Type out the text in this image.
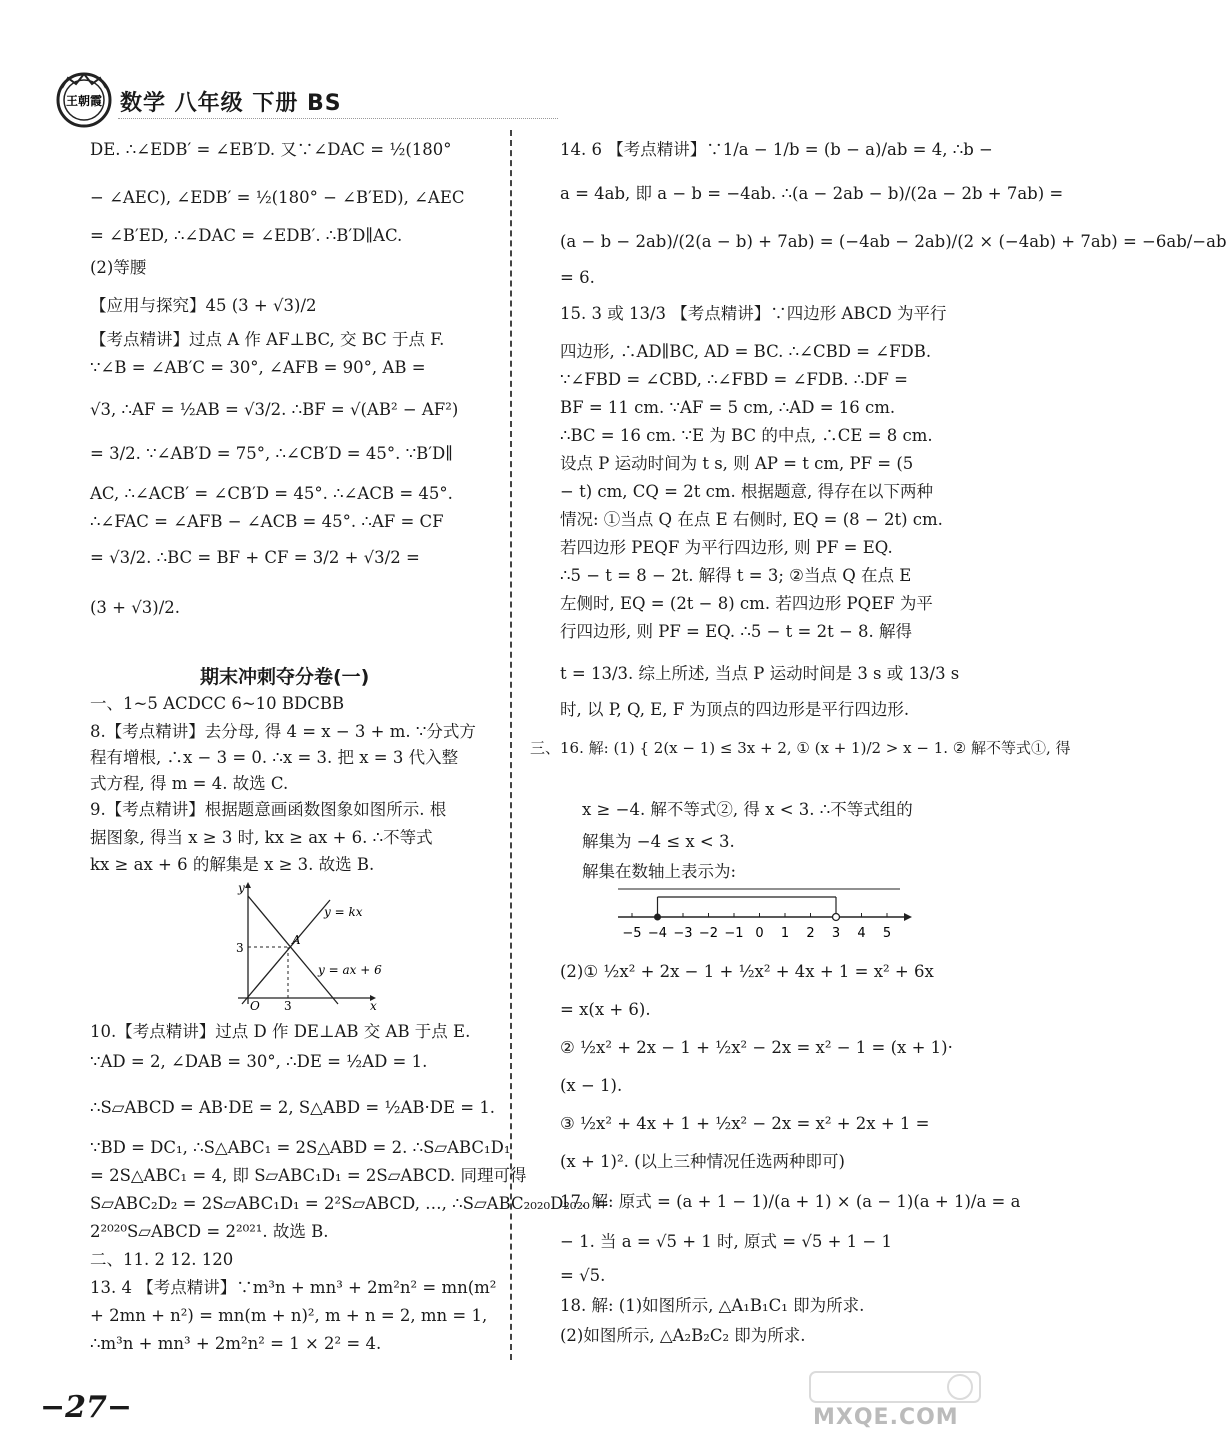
王朝霞 数学 八年级 下册 BS
DE. ∴∠EDB′ = ∠EB′D. 又∵∠DAC = ½(180°
− ∠AEC), ∠EDB′ = ½(180° − ∠B′ED), ∠AEC
= ∠B′ED, ∴∠DAC = ∠EDB′. ∴B′D∥AC.
(2)等腰
【应用与探究】45 (3 + √3)/2
【考点精讲】过点 A 作 AF⊥BC, 交 BC 于点 F.
∵∠B = ∠AB′C = 30°, ∠AFB = 90°, AB =
√3, ∴AF = ½AB = √3/2. ∴BF = √(AB² − AF²)
= 3/2. ∵∠AB′D = 75°, ∴∠CB′D = 45°. ∵B′D∥
AC, ∴∠ACB′ = ∠CB′D = 45°. ∴∠ACB = 45°.
∴∠FAC = ∠AFB − ∠ACB = 45°. ∴AF = CF
= √3/2. ∴BC = BF + CF = 3/2 + √3/2 =
(3 + √3)/2.
期末冲刺夺分卷(一)
一、1~5 ACDCC 6~10 BDCBB
8.【考点精讲】去分母, 得 4 = x − 3 + m. ∵分式方
程有增根, ∴x − 3 = 0. ∴x = 3. 把 x = 3 代入整
式方程, 得 m = 4. 故选 C.
9.【考点精讲】根据题意画函数图象如图所示. 根
据图象, 得当 x ≥ 3 时, kx ≥ ax + 6. ∴不等式
kx ≥ ax + 6 的解集是 x ≥ 3. 故选 B.
y
x
O 3
3
A
y = kx
y = ax + 6
10.【考点精讲】过点 D 作 DE⊥AB 交 AB 于点 E.
∵AD = 2, ∠DAB = 30°, ∴DE = ½AD = 1.
∴S▱ABCD = AB·DE = 2, S△ABD = ½AB·DE = 1.
∵BD = DC₁, ∴S△ABC₁ = 2S△ABD = 2. ∴S▱ABC₁D₁
= 2S△ABC₁ = 4, 即 S▱ABC₁D₁ = 2S▱ABCD. 同理可得
S▱ABC₂D₂ = 2S▱ABC₁D₁ = 2²S▱ABCD, …, ∴S▱ABC₂₀₂₀D₂₀₂₀ =
2²⁰²⁰S▱ABCD = 2²⁰²¹. 故选 B.
二、11. 2 12. 120
13. 4 【考点精讲】∵m³n + mn³ + 2m²n² = mn(m²
+ 2mn + n²) = mn(m + n)², m + n = 2, mn = 1,
∴m³n + mn³ + 2m²n² = 1 × 2² = 4.
14. 6 【考点精讲】∵1/a − 1/b = (b − a)/ab = 4, ∴b −
a = 4ab, 即 a − b = −4ab. ∴(a − 2ab − b)/(2a − 2b + 7ab) =
(a − b − 2ab)/(2(a − b) + 7ab) = (−4ab − 2ab)/(2 × (−4ab) + 7ab) = −6ab/−ab
= 6.
15. 3 或 13/3 【考点精讲】∵四边形 ABCD 为平行
四边形, ∴AD∥BC, AD = BC. ∴∠CBD = ∠FDB.
∵∠FBD = ∠CBD, ∴∠FBD = ∠FDB. ∴DF =
BF = 11 cm. ∵AF = 5 cm, ∴AD = 16 cm.
∴BC = 16 cm. ∵E 为 BC 的中点, ∴CE = 8 cm.
设点 P 运动时间为 t s, 则 AP = t cm, PF = (5
− t) cm, CQ = 2t cm. 根据题意, 得存在以下两种
情况: ①当点 Q 在点 E 右侧时, EQ = (8 − 2t) cm.
若四边形 PEQF 为平行四边形, 则 PF = EQ.
∴5 − t = 8 − 2t. 解得 t = 3; ②当点 Q 在点 E
左侧时, EQ = (2t − 8) cm. 若四边形 PQEF 为平
行四边形, 则 PF = EQ. ∴5 − t = 2t − 8. 解得
t = 13/3. 综上所述, 当点 P 运动时间是 3 s 或 13/3 s
时, 以 P, Q, E, F 为顶点的四边形是平行四边形.
三、16. 解: (1) { 2(x − 1) ≤ 3x + 2, ① (x + 1)/2 > x − 1. ② 解不等式①, 得
x ≥ −4. 解不等式②, 得 x < 3. ∴不等式组的
解集为 −4 ≤ x < 3.
解集在数轴上表示为:
−5 −4 −3 −2 −1 0 1 2 3 4 5
(2)① ½x² + 2x − 1 + ½x² + 4x + 1 = x² + 6x
= x(x + 6).
② ½x² + 2x − 1 + ½x² − 2x = x² − 1 = (x + 1)·
(x − 1).
③ ½x² + 4x + 1 + ½x² − 2x = x² + 2x + 1 =
(x + 1)². (以上三种情况任选两种即可)
17. 解: 原式 = (a + 1 − 1)/(a + 1) × (a − 1)(a + 1)/a = a
− 1. 当 a = √5 + 1 时, 原式 = √5 + 1 − 1
= √5.
18. 解: (1)如图所示, △A₁B₁C₁ 即为所求.
(2)如图所示, △A₂B₂C₂ 即为所求.
−27−	MXQE.COM
